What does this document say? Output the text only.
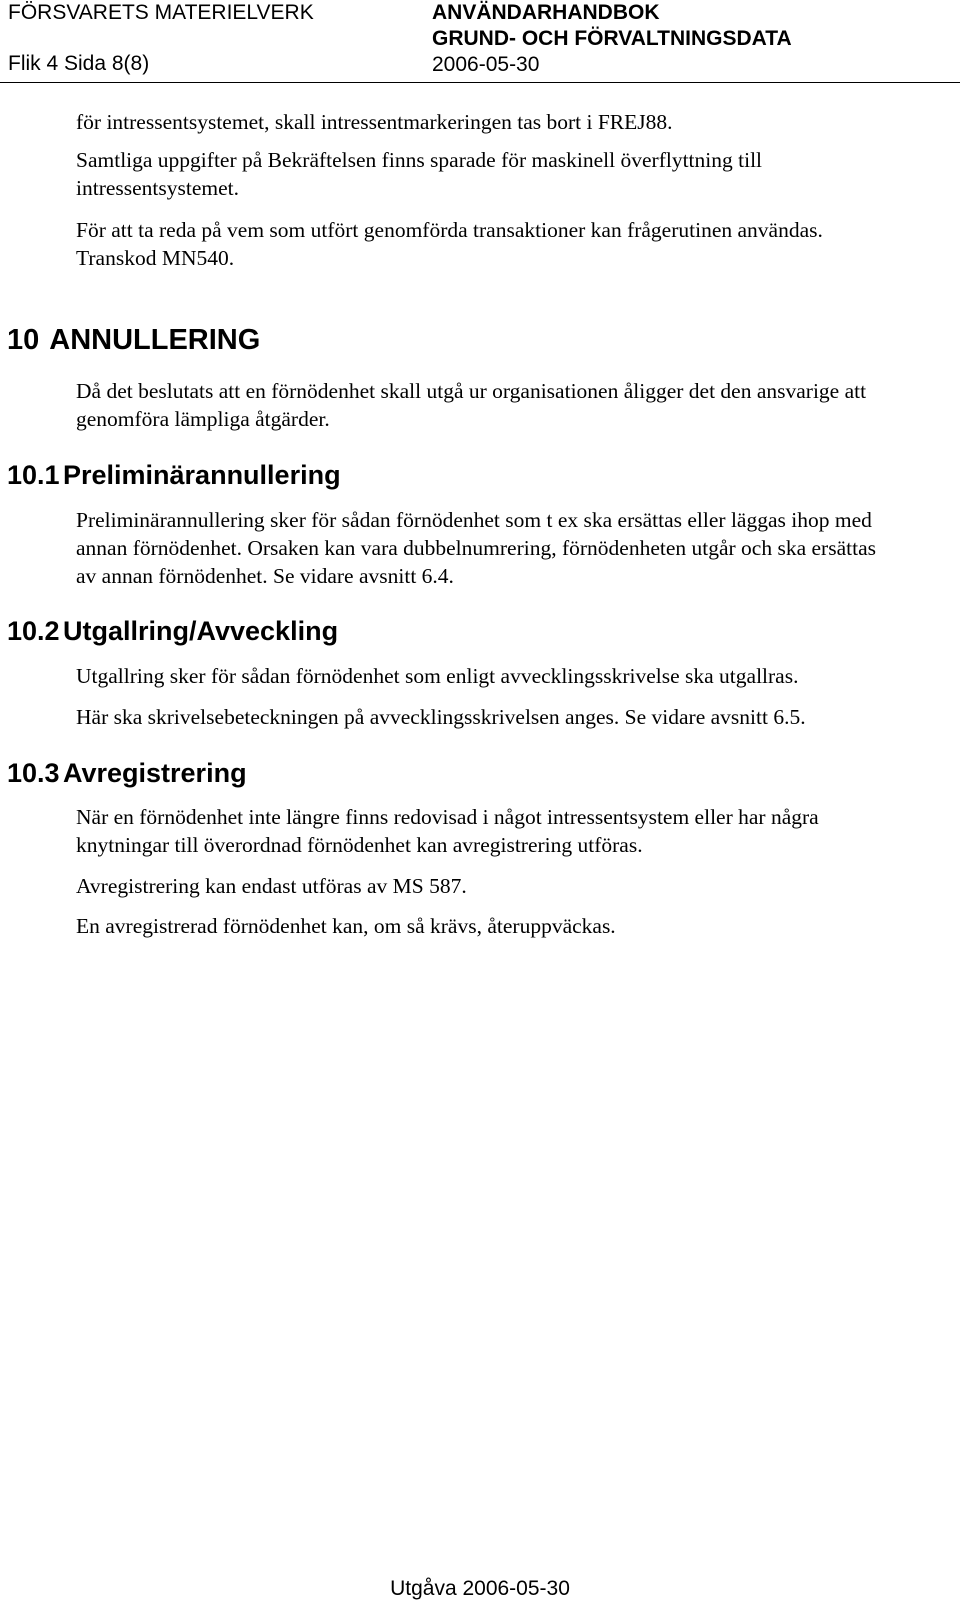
FÖRSVARETS MATERIELVERK
Flik 4 Sida 8(8)
ANVÄNDARHANDBOK
GRUND- OCH FÖRVALTNINGSDATA
2006-05-30

för intressentsystemet, skall intressentmarkeringen tas bort i FREJ88.

Samtliga uppgifter på Bekräftelsen finns sparade för maskinell överflyttning till intressentsystemet.

För att ta reda på vem som utfört genomförda transaktioner kan frågerutinen användas. Transkod MN540.

10 ANNULLERING

Då det beslutats att en förnödenhet skall utgå ur organisationen åligger det den ansvarige att genomföra lämpliga åtgärder.

10.1 Preliminärannullering

Preliminärannullering sker för sådan förnödenhet som t ex ska ersättas eller läggas ihop med annan förnödenhet. Orsaken kan vara dubbelnumrering, förnödenheten utgår och ska ersättas av annan förnödenhet. Se vidare avsnitt 6.4.

10.2 Utgallring/Avveckling

Utgallring sker för sådan förnödenhet som enligt avvecklingsskrivelse ska utgallras.

Här ska skrivelsebeteckningen på avvecklingsskrivelsen anges. Se vidare avsnitt 6.5.

10.3 Avregistrering

När en förnödenhet inte längre finns redovisad i något intressentsystem eller har några knytningar till överordnad förnödenhet kan avregistrering utföras.

Avregistrering kan endast utföras av MS 587.

En avregistrerad förnödenhet kan, om så krävs, återuppväckas.

Utgåva 2006-05-30
